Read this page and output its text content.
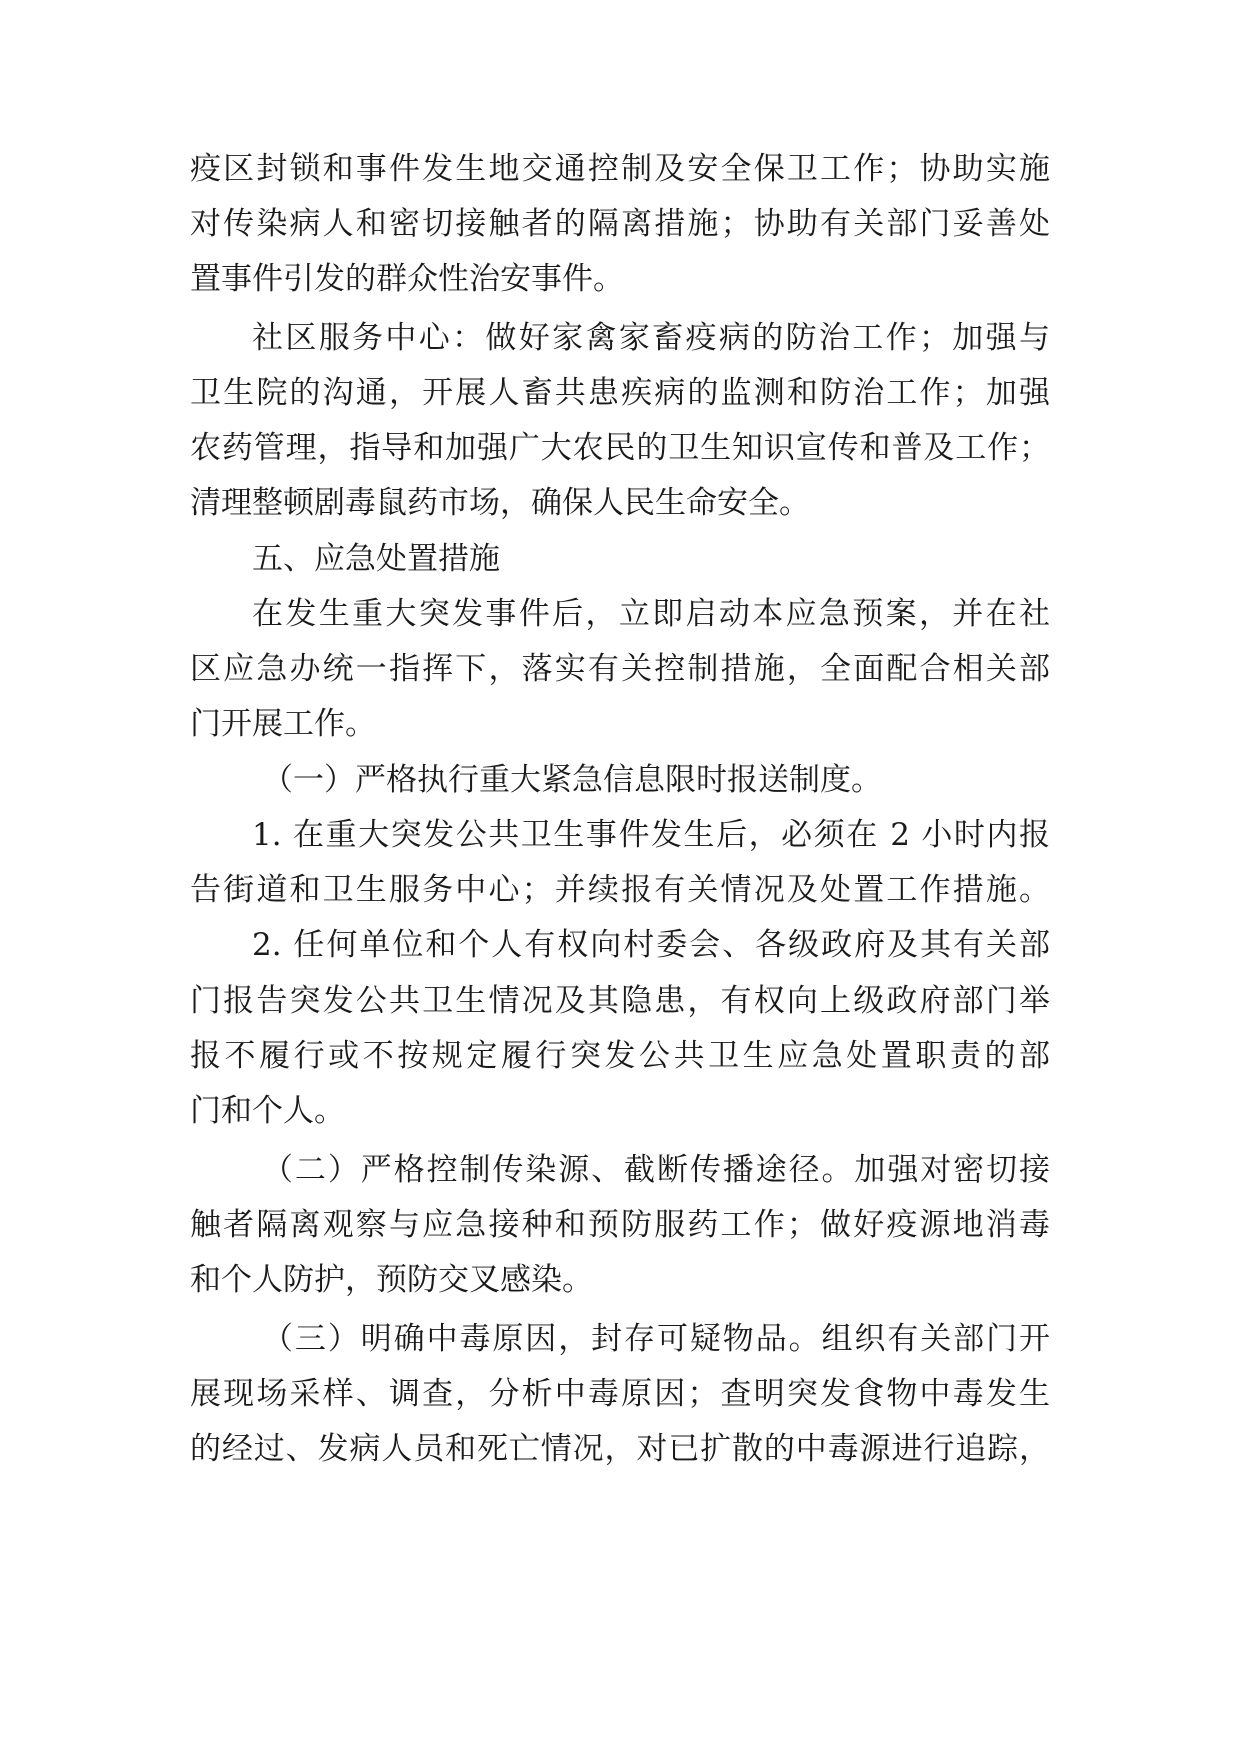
疫区封锁和事件发生地交通控制及安全保卫工作；协助实施
对传染病人和密切接触者的隔离措施；协助有关部门妥善处
置事件引发的群众性治安事件。
社区服务中心：做好家禽家畜疫病的防治工作；加强与
卫生院的沟通，开展人畜共患疾病的监测和防治工作；加强
农药管理，指导和加强广大农民的卫生知识宣传和普及工作；
清理整顿剧毒鼠药市场，确保人民生命安全。
五、应急处置措施
在发生重大突发事件后，立即启动本应急预案，并在社
区应急办统一指挥下，落实有关控制措施，全面配合相关部
门开展工作。
（一）严格执行重大紧急信息限时报送制度。
1. 在重大突发公共卫生事件发生后，必须在 2 小时内报
告街道和卫生服务中心；并续报有关情况及处置工作措施。
2. 任何单位和个人有权向村委会、各级政府及其有关部
门报告突发公共卫生情况及其隐患，有权向上级政府部门举
报不履行或不按规定履行突发公共卫生应急处置职责的部
门和个人。
（二）严格控制传染源、截断传播途径。加强对密切接
触者隔离观察与应急接种和预防服药工作；做好疫源地消毒
和个人防护，预防交叉感染。
（三）明确中毒原因，封存可疑物品。组织有关部门开
展现场采样、调查，分析中毒原因；查明突发食物中毒发生
的经过、发病人员和死亡情况，对已扩散的中毒源进行追踪，
